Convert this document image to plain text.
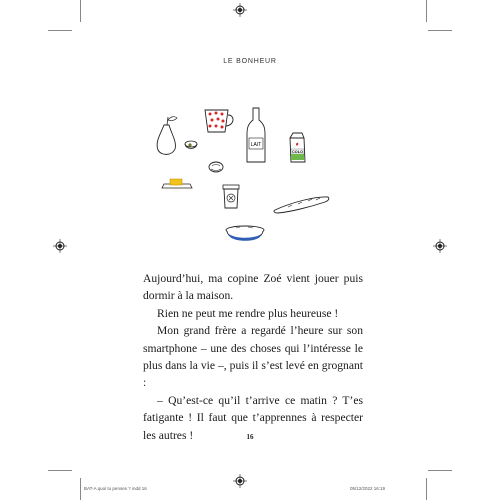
LE BONHEUR
LAIT
COLO

Aujourd’hui, ma copine Zoé vient jouer puis dormir à la maison.

Rien ne peut me rendre plus heureuse !

Mon grand frère a regardé l’heure sur son smartphone – une des choses qui l’intéresse le plus dans la vie –, puis il s’est levé en grognant :

– Qu’est-ce qu’il t’arrive ce matin ? T’es fatigante ! Il faut que t’apprennes à respecter les autres !	16
BAT-A quoi tu penses ? indd 16	05/12/2022 16:19
